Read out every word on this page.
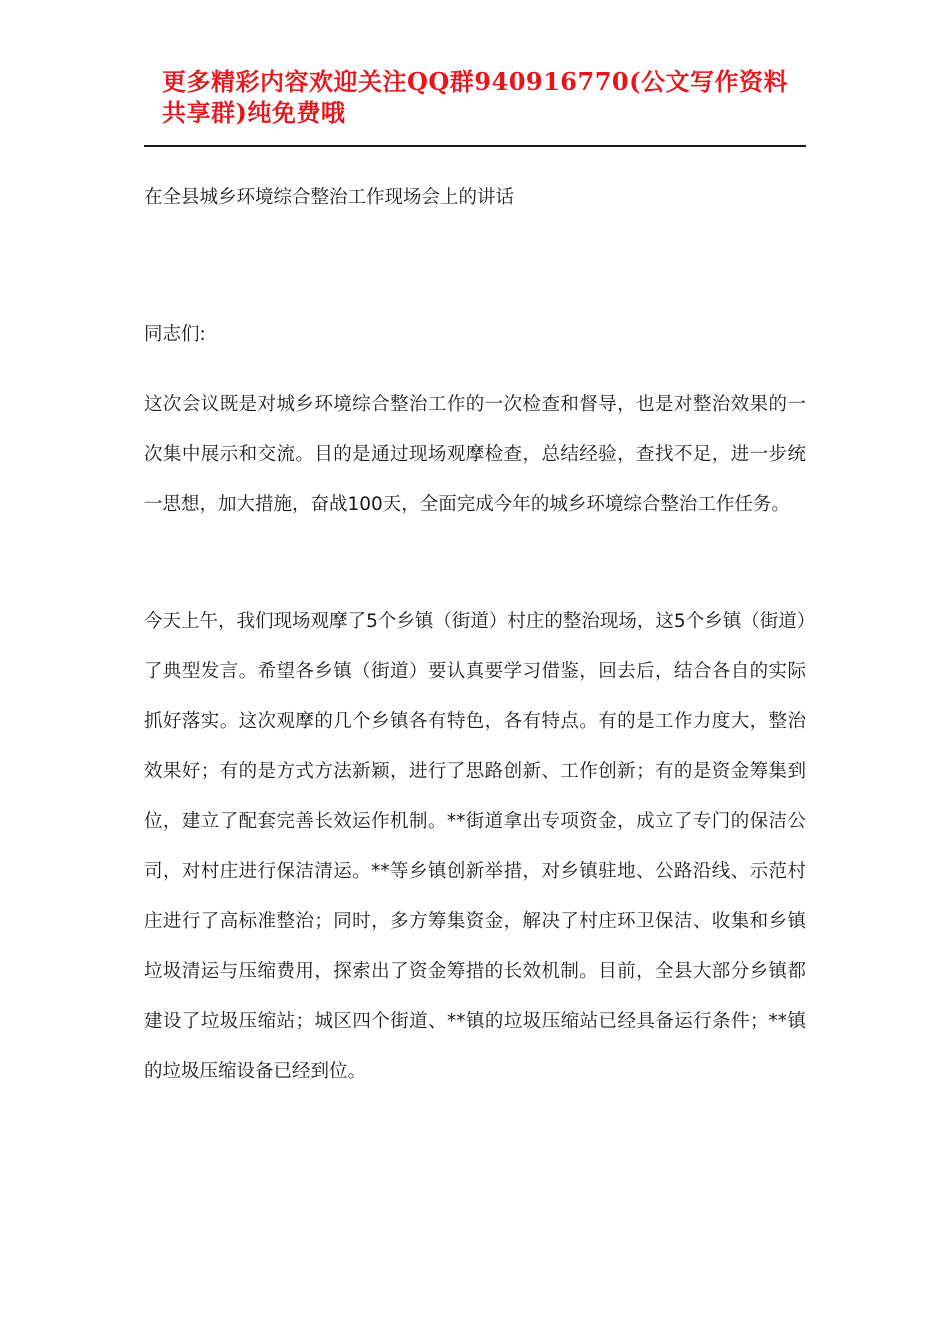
更多精彩内容欢迎关注QQ群940916770(公文写作资料共享群)纯免费哦

在全县城乡环境综合整治工作现场会上的讲话

同志们:

这次会议既是对城乡环境综合整治工作的一次检查和督导，也是对整治效果的一次集中展示和交流。目的是通过现场观摩检查，总结经验，查找不足，进一步统一思想，加大措施，奋战100天，全面完成今年的城乡环境综合整治工作任务。

今天上午，我们现场观摩了5个乡镇（街道）村庄的整治现场，这5个乡镇（街道）了典型发言。希望各乡镇（街道）要认真要学习借鉴，回去后，结合各自的实际抓好落实。这次观摩的几个乡镇各有特色，各有特点。有的是工作力度大，整治效果好；有的是方式方法新颖，进行了思路创新、工作创新；有的是资金筹集到位，建立了配套完善长效运作机制。**街道拿出专项资金，成立了专门的保洁公司，对村庄进行保洁清运。**等乡镇创新举措，对乡镇驻地、公路沿线、示范村庄进行了高标准整治；同时，多方筹集资金，解决了村庄环卫保洁、收集和乡镇垃圾清运与压缩费用，探索出了资金筹措的长效机制。目前，全县大部分乡镇都建设了垃圾压缩站；城区四个街道、**镇的垃圾压缩站已经具备运行条件；**镇的垃圾压缩设备已经到位。
